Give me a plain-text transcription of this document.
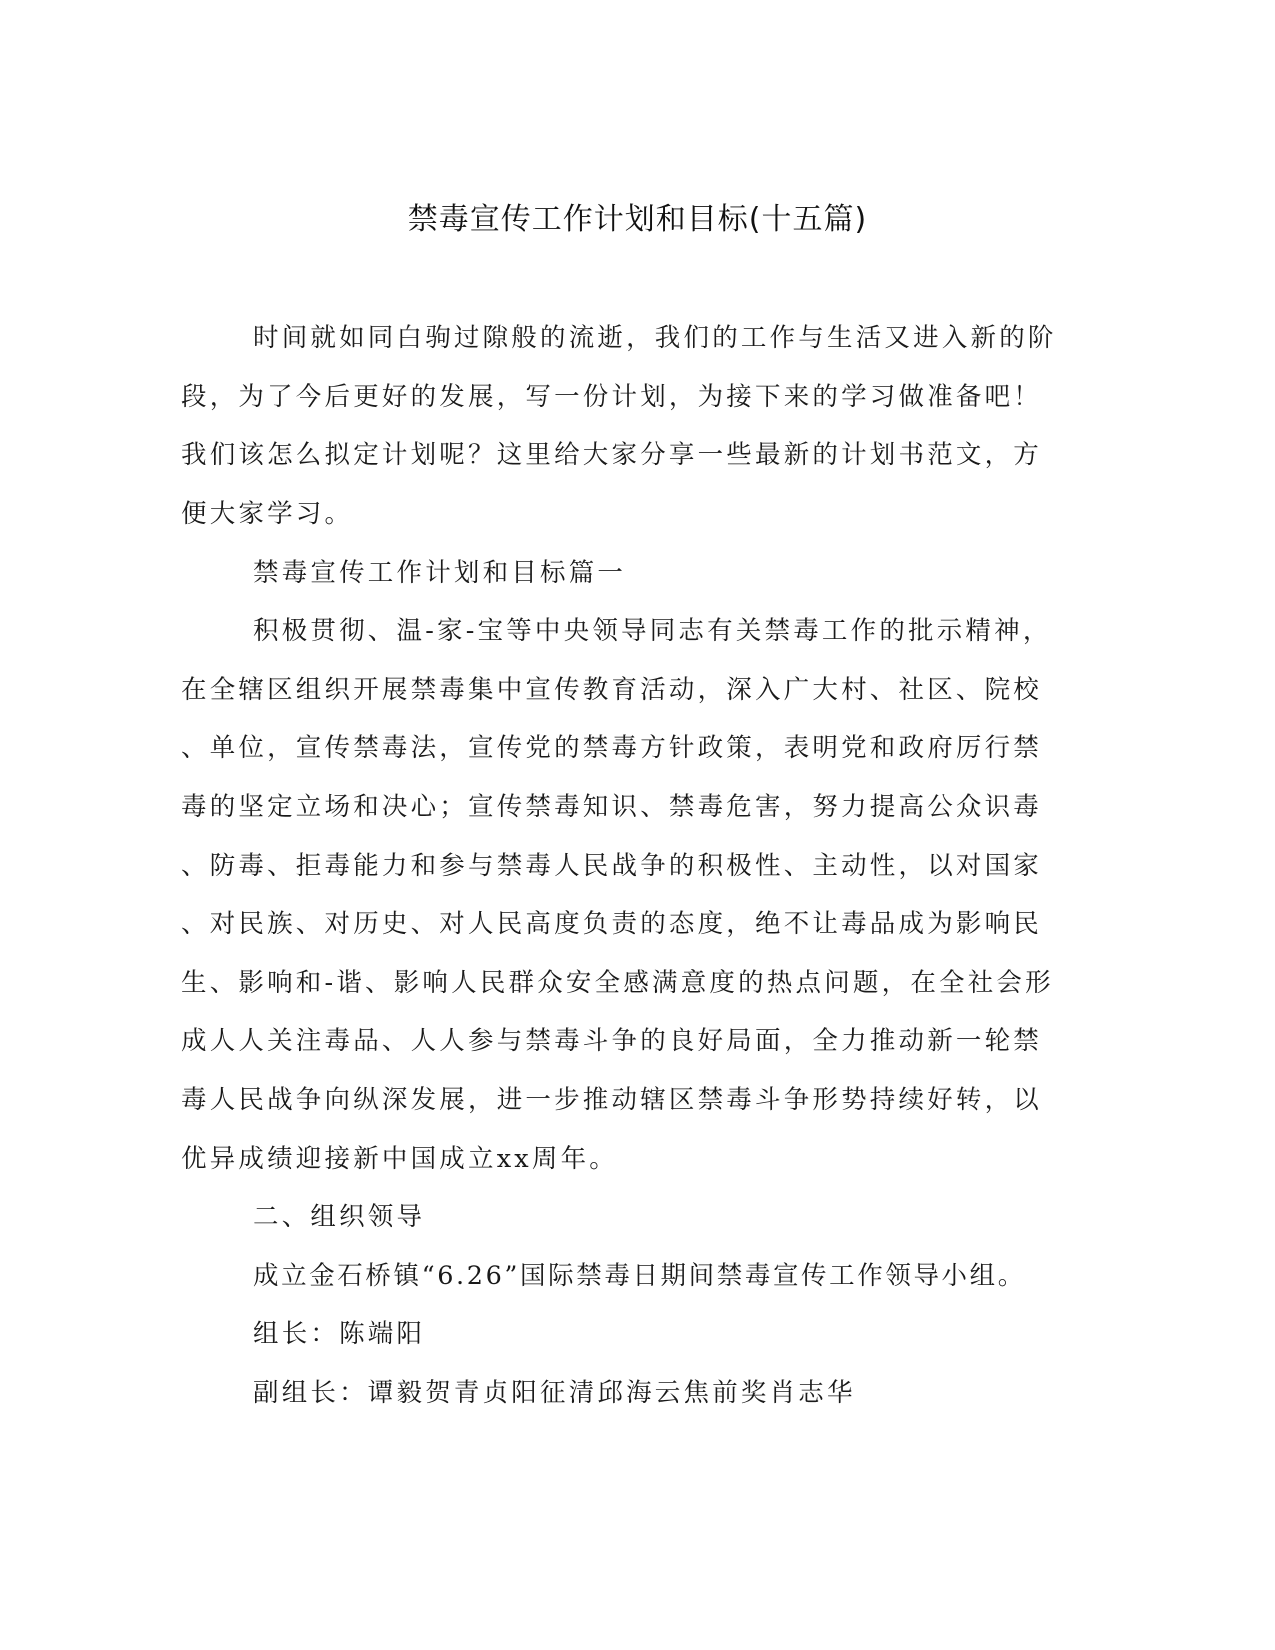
禁毒宣传工作计划和目标(十五篇)
时间就如同白驹过隙般的流逝，我们的工作与生活又进入新的阶
段，为了今后更好的发展，写一份计划，为接下来的学习做准备吧！
我们该怎么拟定计划呢？这里给大家分享一些最新的计划书范文，方
便大家学习。
禁毒宣传工作计划和目标篇一
积极贯彻、温-家-宝等中央领导同志有关禁毒工作的批示精神，
在全辖区组织开展禁毒集中宣传教育活动，深入广大村、社区、院校
、单位，宣传禁毒法，宣传党的禁毒方针政策，表明党和政府厉行禁
毒的坚定立场和决心；宣传禁毒知识、禁毒危害，努力提高公众识毒
、防毒、拒毒能力和参与禁毒人民战争的积极性、主动性，以对国家
、对民族、对历史、对人民高度负责的态度，绝不让毒品成为影响民
生、影响和-谐、影响人民群众安全感满意度的热点问题，在全社会形
成人人关注毒品、人人参与禁毒斗争的良好局面，全力推动新一轮禁
毒人民战争向纵深发展，进一步推动辖区禁毒斗争形势持续好转，以
优异成绩迎接新中国成立xx周年。
二、组织领导
成立金石桥镇“6.26”国际禁毒日期间禁毒宣传工作领导小组。
组长：陈端阳
副组长：谭毅贺青贞阳征清邱海云焦前奖肖志华
